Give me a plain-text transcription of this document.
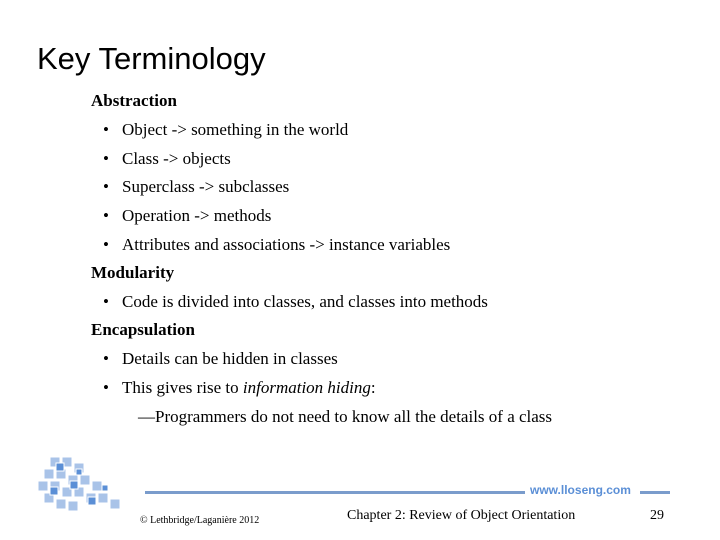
Key Terminology
Abstraction
• Object -> something in the world
• Class -> objects
• Superclass -> subclasses
• Operation -> methods
• Attributes and associations -> instance variables
Modularity
• Code is divided into classes, and classes into methods
Encapsulation
• Details can be hidden in classes
• This gives rise to information hiding:
—Programmers do not need to know all the details of a class
www.lloseng.com
© Lethbridge/Laganière 2012	Chapter 2: Review of Object Orientation	29
